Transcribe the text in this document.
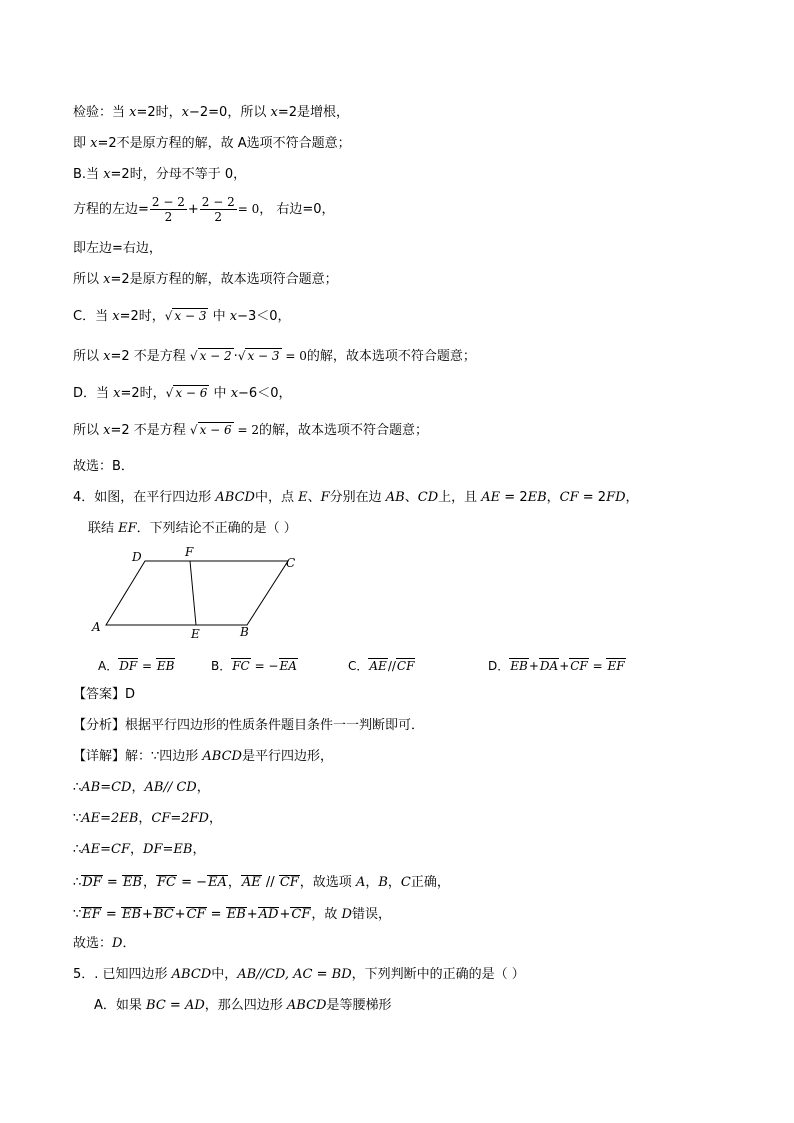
检验：当 x=2时，x−2=0，所以 x=2是增根，
即 x=2不是原方程的解，故 A选项不符合题意；
B.当 x=2时，分母不等于 0，
方程的左边= $\frac{2 - 2}{2} + \frac{2 - 2}{2} = 0$， 右边=0，
即左边=右边，
所以 x=2是原方程的解，故本选项符合题意；
C．当 x=2时，√ x − 3 中 x−3＜0，
所以 x=2 不是方程 √ x − 2 ·√ x − 3 = 0的解，故本选项不符合题意；
D．当 x=2时，√ x − 6 中 x−6＜0，
所以 x=2 不是方程 √ x − 6 = 2的解，故本选项不符合题意；
故选：B．
4．如图，在平行四边形 ABCD中，点 E、F分别在边 AB、CD上，且 AE = 2EB，CF = 2FD，
联结 EF．下列结论不正确的是（ ）
A	B
C
D
E
F
A．DF = EB	B．FC = −EA	C．AE//CF	D．EB+DA+CF = EF
【答案】D
【分析】根据平行四边形的性质条件题目条件一一判断即可．
【详解】解：∵四边形 ABCD是平行四边形，
∴AB=CD，AB// CD，
∵AE=2EB，CF=2FD，
∴AE=CF，DF=EB，
∴DF = EB，FC = −EA，AE // CF，故选项 A，B，C正确，
∵EF = EB+BC+CF = EB+AD+CF，故 D错误，
故选：D．
5．. 已知四边形 ABCD中，AB//CD, AC = BD，下列判断中的正确的是（ ）
A．如果 BC = AD，那么四边形 ABCD是等腰梯形
